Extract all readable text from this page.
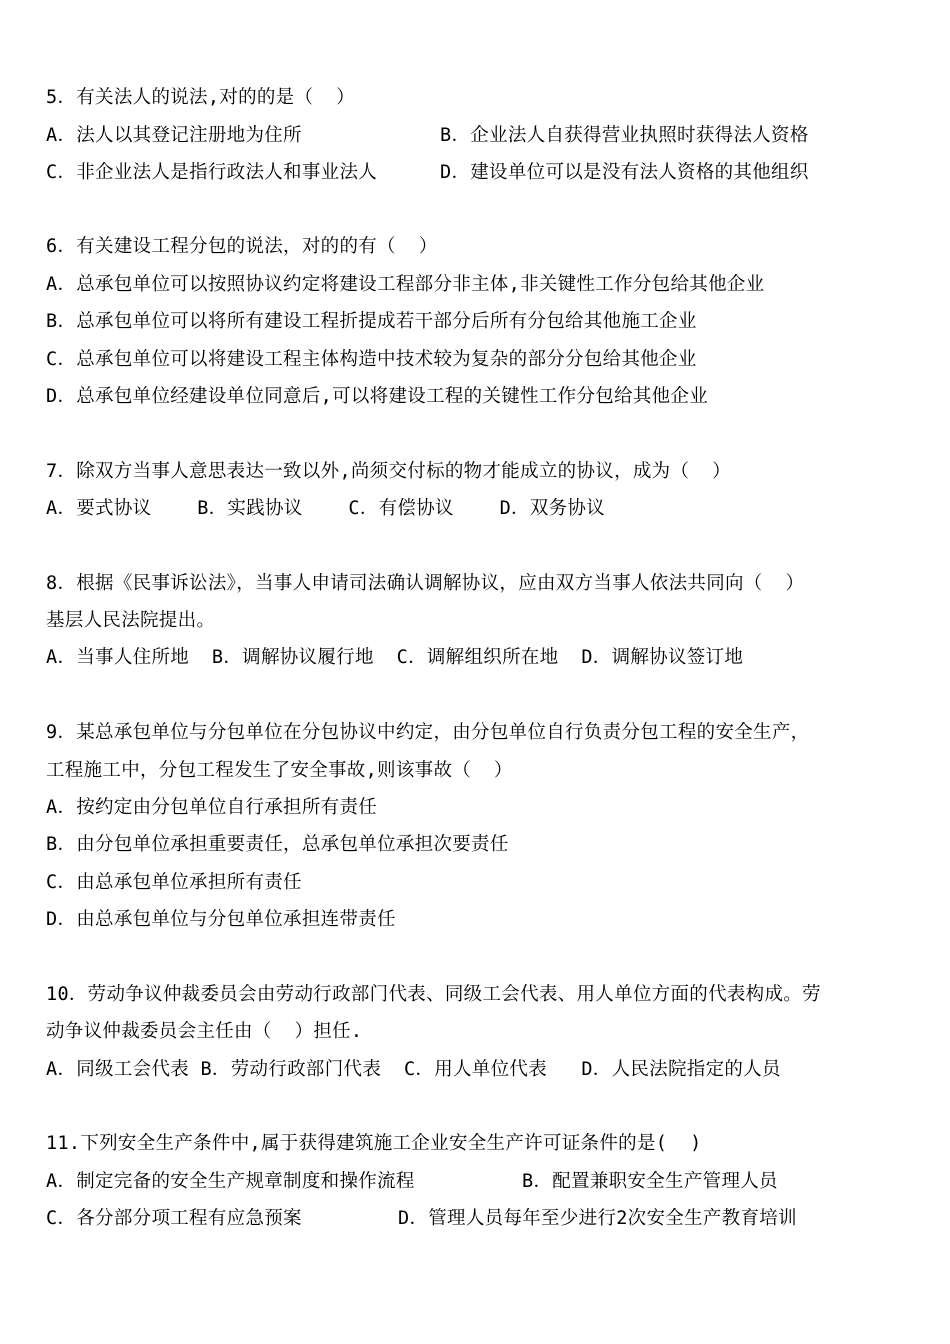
5．有关法人的说法,对的的是（  ）
A．法人以其登记注册地为住所	B．企业法人自获得营业执照时获得法人资格
C．非企业法人是指行政法人和事业法人	D．建设单位可以是没有法人资格的其他组织
6．有关建设工程分包的说法，对的的有（  ）
A．总承包单位可以按照协议约定将建设工程部分非主体,非关键性工作分包给其他企业
B．总承包单位可以将所有建设工程折提成若干部分后所有分包给其他施工企业
C．总承包单位可以将建设工程主体构造中技术较为复杂的部分分包给其他企业
D．总承包单位经建设单位同意后,可以将建设工程的关键性工作分包给其他企业
7．除双方当事人意思表达一致以外,尚须交付标的物才能成立的协议，成为（  ）
A．要式协议    B．实践协议    C．有偿协议    D．双务协议
8．根据《民事诉讼法》，当事人申请司法确认调解协议，应由双方当事人依法共同向（  ）
基层人民法院提出。
A．当事人住所地  B．调解协议履行地  C．调解组织所在地  D．调解协议签订地
9．某总承包单位与分包单位在分包协议中约定，由分包单位自行负责分包工程的安全生产，
工程施工中，分包工程发生了安全事故,则该事故（  ）
A．按约定由分包单位自行承担所有责任
B．由分包单位承担重要责任，总承包单位承担次要责任
C．由总承包单位承担所有责任
D．由总承包单位与分包单位承担连带责任
10．劳动争议仲裁委员会由劳动行政部门代表、同级工会代表、用人单位方面的代表构成。劳
动争议仲裁委员会主任由（  ）担任.
A．同级工会代表 B．劳动行政部门代表  C．用人单位代表   D．人民法院指定的人员
11.下列安全生产条件中,属于获得建筑施工企业安全生产许可证条件的是(  )
A．制定完备的安全生产规章制度和操作流程	B．配置兼职安全生产管理人员
C．各分部分项工程有应急预案	D．管理人员每年至少进行2次安全生产教育培训
